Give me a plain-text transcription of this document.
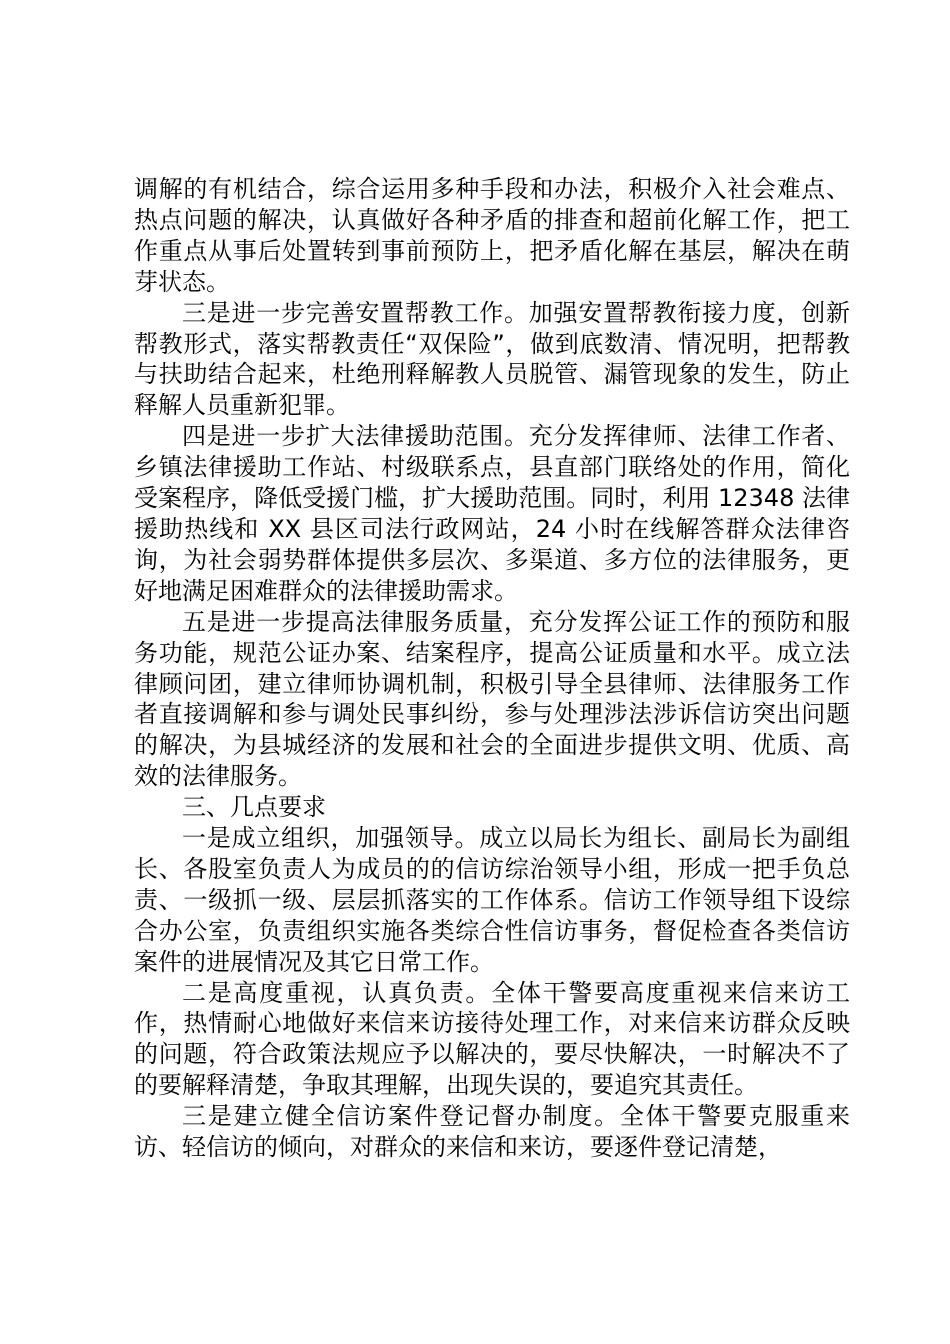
调解的有机结合，综合运用多种手段和办法，积极介入社会难点、热点问题的解决，认真做好各种矛盾的排查和超前化解工作，把工作重点从事后处置转到事前预防上，把矛盾化解在基层，解决在萌芽状态。

三是进一步完善安置帮教工作。加强安置帮教衔接力度，创新帮教形式，落实帮教责任“双保险”，做到底数清、情况明，把帮教与扶助结合起来，杜绝刑释解教人员脱管、漏管现象的发生，防止释解人员重新犯罪。

四是进一步扩大法律援助范围。充分发挥律师、法律工作者、乡镇法律援助工作站、村级联系点，县直部门联络处的作用，简化受案程序，降低受援门槛，扩大援助范围。同时，利用 12348 法律援助热线和 XX 县区司法行政网站，24 小时在线解答群众法律咨询，为社会弱势群体提供多层次、多渠道、多方位的法律服务，更好地满足困难群众的法律援助需求。

五是进一步提高法律服务质量，充分发挥公证工作的预防和服务功能，规范公证办案、结案程序，提高公证质量和水平。成立法律顾问团，建立律师协调机制，积极引导全县律师、法律服务工作者直接调解和参与调处民事纠纷，参与处理涉法涉诉信访突出问题的解决，为县城经济的发展和社会的全面进步提供文明、优质、高效的法律服务。

三、几点要求

一是成立组织，加强领导。成立以局长为组长、副局长为副组长、各股室负责人为成员的的信访综治领导小组，形成一把手负总责、一级抓一级、层层抓落实的工作体系。信访工作领导组下设综合办公室，负责组织实施各类综合性信访事务，督促检查各类信访案件的进展情况及其它日常工作。

二是高度重视，认真负责。全体干警要高度重视来信来访工作，热情耐心地做好来信来访接待处理工作，对来信来访群众反映的问题，符合政策法规应予以解决的，要尽快解决，一时解决不了的要解释清楚，争取其理解，出现失误的，要追究其责任。

三是建立健全信访案件登记督办制度。全体干警要克服重来访、轻信访的倾向，对群众的来信和来访，要逐件登记清楚，
